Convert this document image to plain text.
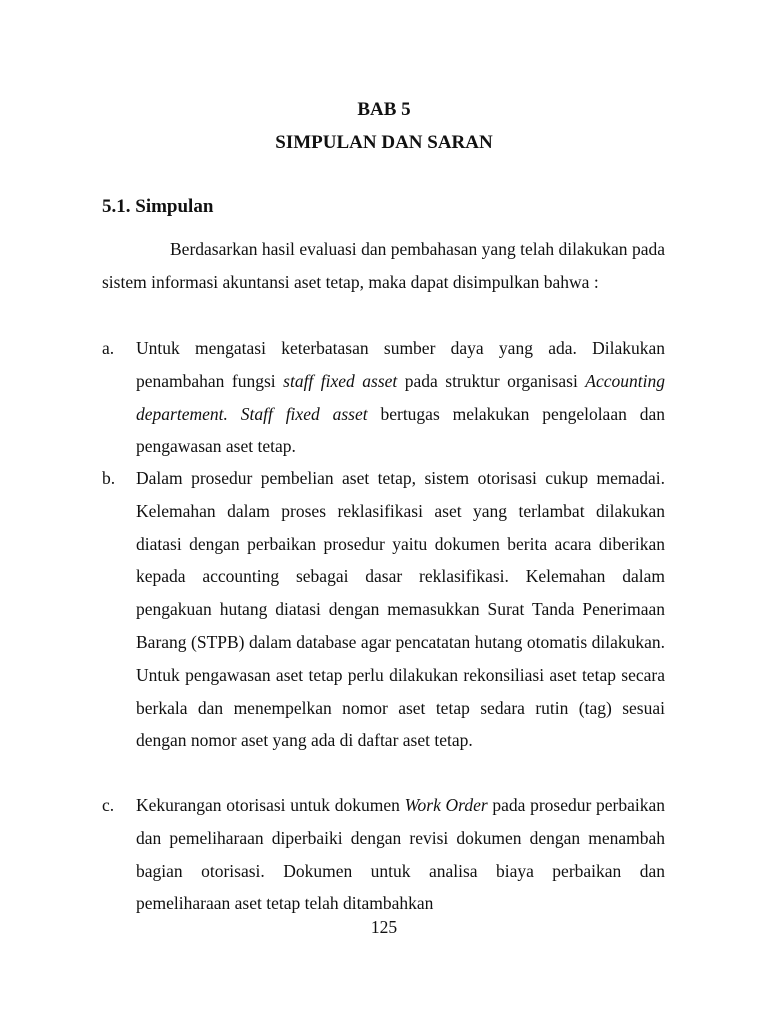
BAB 5
SIMPULAN DAN SARAN
5.1. Simpulan

Berdasarkan hasil evaluasi dan pembahasan yang telah dilakukan pada sistem informasi akuntansi aset tetap, maka dapat disimpulkan bahwa :

a. Untuk mengatasi keterbatasan sumber daya yang ada. Dilakukan penambahan fungsi staff fixed asset pada struktur organisasi Accounting departement. Staff fixed asset bertugas melakukan pengelolaan dan pengawasan aset tetap.
b. Dalam prosedur pembelian aset tetap, sistem otorisasi cukup memadai. Kelemahan dalam proses reklasifikasi aset yang terlambat dilakukan diatasi dengan perbaikan prosedur yaitu dokumen berita acara diberikan kepada accounting sebagai dasar reklasifikasi. Kelemahan dalam pengakuan hutang diatasi dengan memasukkan Surat Tanda Penerimaan Barang (STPB) dalam database agar pencatatan hutang otomatis dilakukan. Untuk pengawasan aset tetap perlu dilakukan rekonsiliasi aset tetap secara berkala dan menempelkan nomor aset tetap sedara rutin (tag) sesuai dengan nomor aset yang ada di daftar aset tetap.
c. Kekurangan otorisasi untuk dokumen Work Order pada prosedur perbaikan dan pemeliharaan diperbaiki dengan revisi dokumen dengan menambah bagian otorisasi. Dokumen untuk analisa biaya perbaikan dan pemeliharaan aset tetap telah ditambahkan
125
